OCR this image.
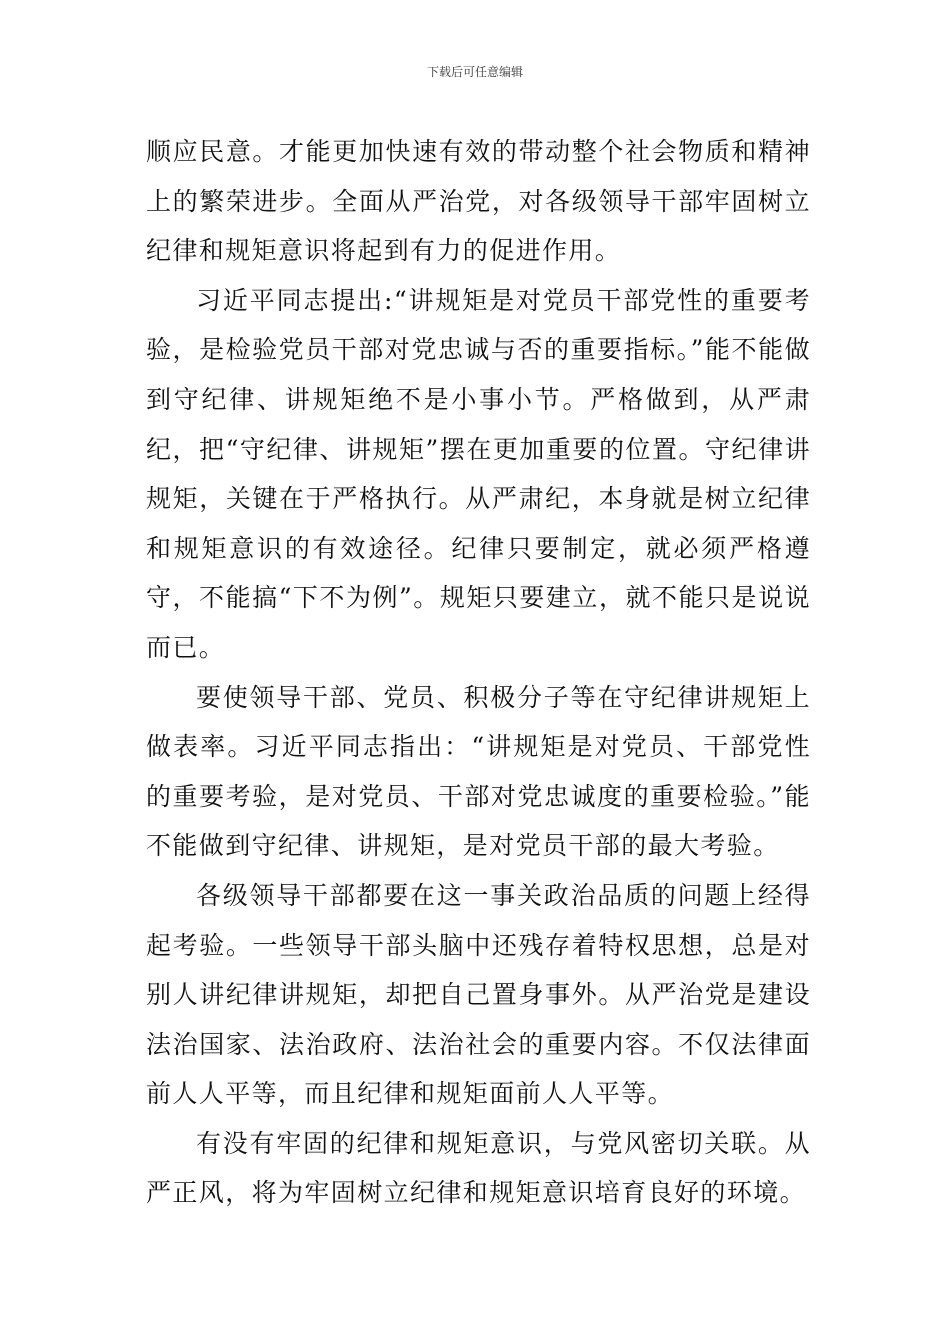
下载后可任意编辑

顺应民意。才能更加快速有效的带动整个社会物质和精神上的繁荣进步。全面从严治党，对各级领导干部牢固树立纪律和规矩意识将起到有力的促进作用。

习近平同志提出:“讲规矩是对党员干部党性的重要考验，是检验党员干部对党忠诚与否的重要指标。”能不能做到守纪律、讲规矩绝不是小事小节。严格做到，从严肃纪，把“守纪律、讲规矩”摆在更加重要的位置。守纪律讲规矩，关键在于严格执行。从严肃纪，本身就是树立纪律和规矩意识的有效途径。纪律只要制定，就必须严格遵守，不能搞“下不为例”。规矩只要建立，就不能只是说说而已。

要使领导干部、党员、积极分子等在守纪律讲规矩上做表率。习近平同志指出：“讲规矩是对党员、干部党性的重要考验，是对党员、干部对党忠诚度的重要检验。”能不能做到守纪律、讲规矩，是对党员干部的最大考验。

各级领导干部都要在这一事关政治品质的问题上经得起考验。一些领导干部头脑中还残存着特权思想，总是对别人讲纪律讲规矩，却把自己置身事外。从严治党是建设法治国家、法治政府、法治社会的重要内容。不仅法律面前人人平等，而且纪律和规矩面前人人平等。

有没有牢固的纪律和规矩意识，与党风密切关联。从严正风，将为牢固树立纪律和规矩意识培育良好的环境。
